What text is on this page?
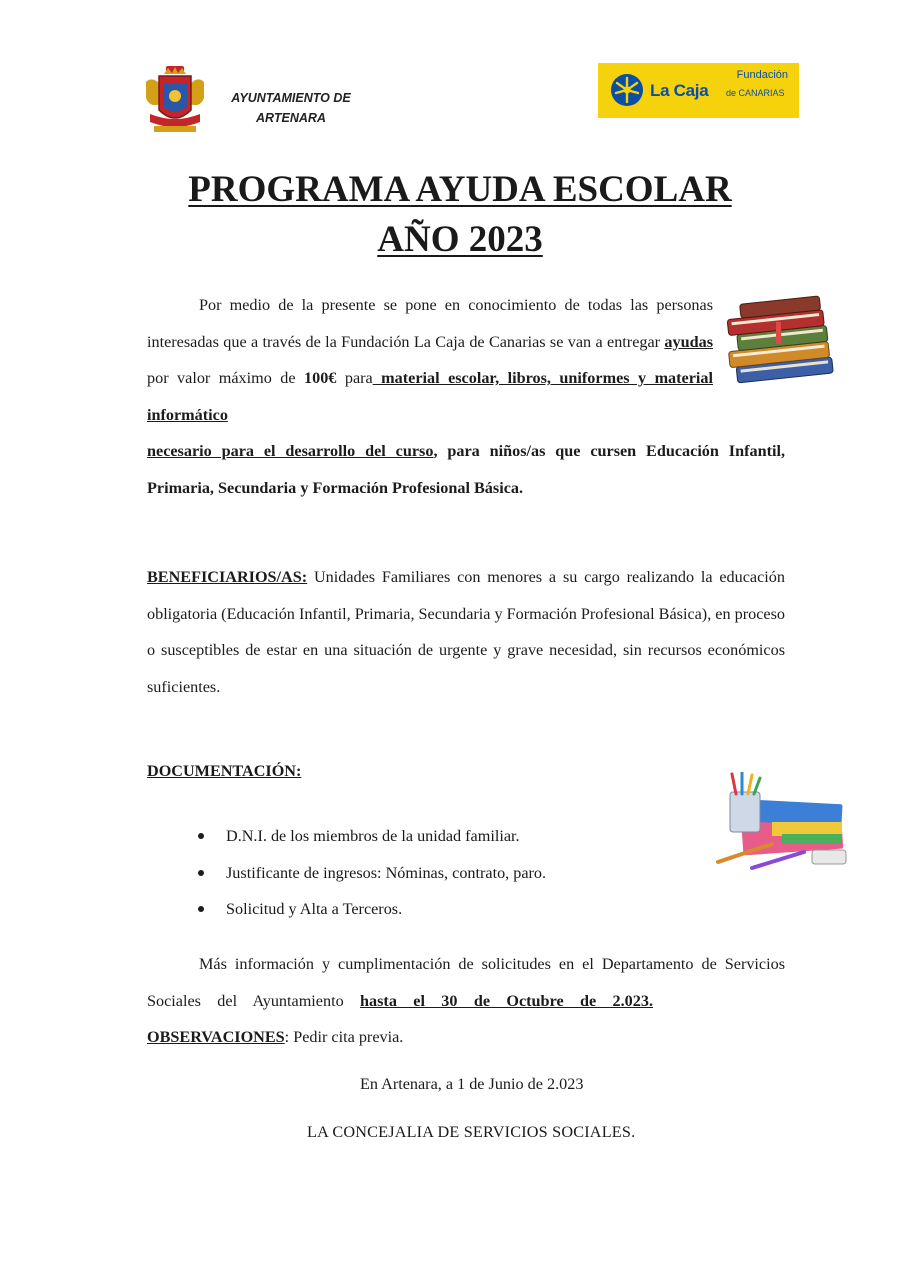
AYUNTAMIENTO DE
ARTENARA
Fundación
La Caja de CANARIAS
PROGRAMA AYUDA ESCOLAR
AÑO 2023
Por medio de la presente se pone en conocimiento de todas las personas interesadas que a través de la Fundación La Caja de Canarias se van a entregar ayudas por valor máximo de 100€ para material escolar, libros, uniformes y material informático
necesario para el desarrollo del curso, para niños/as que cursen Educación Infantil, Primaria, Secundaria y Formación Profesional Básica.
BENEFICIARIOS/AS: Unidades Familiares con menores a su cargo realizando la educación obligatoria (Educación Infantil, Primaria, Secundaria y Formación Profesional Básica), en proceso o susceptibles de estar en una situación de urgente y grave necesidad, sin recursos económicos suficientes.
DOCUMENTACIÓN:
D.N.I. de los miembros de la unidad familiar.
Justificante de ingresos: Nóminas, contrato, paro.
Solicitud y Alta a Terceros.
Más información y cumplimentación de solicitudes en el Departamento de Servicios Sociales del Ayuntamiento hasta el 30 de Octubre de 2.023.OBSERVACIONES: Pedir cita previa.
En Artenara, a 1 de Junio de 2.023
LA CONCEJALIA DE SERVICIOS SOCIALES.
